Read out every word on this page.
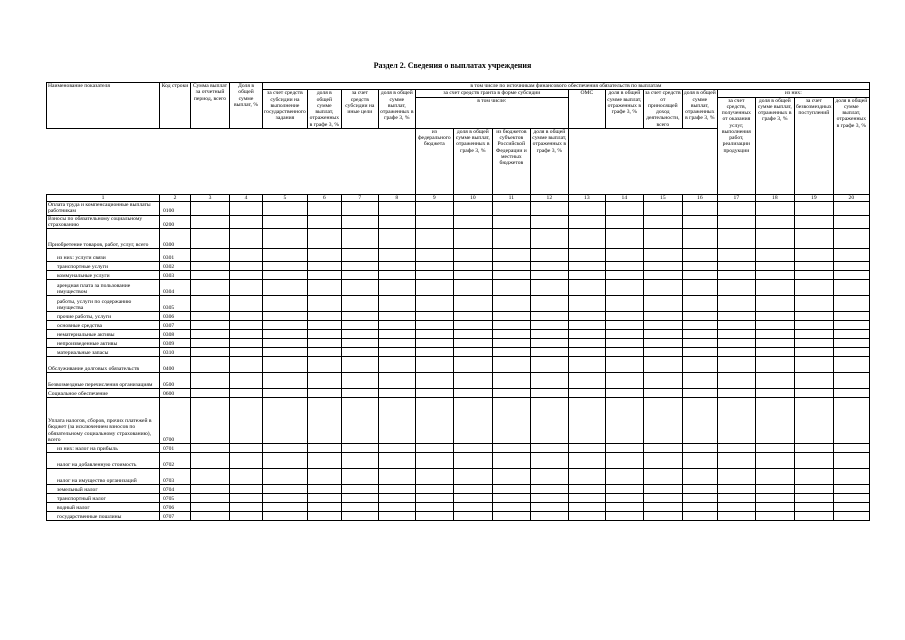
Раздел 2. Сведения о выплатах учреждения
Наименование показателя	Код строки	Сумма выплат за отчетный период, всего	Доля в общей сумме выплат, %	в том числе по источникам финансового обеспечения обязательств по выплатам															
				за счет средств субсидии на выполнение государственного задания	доля в общей сумме выплат, отраженных в графе 3, %	за счет средств субсидии на иные цели	доля в общей сумме выплат, отраженных в графе 3, %	за счет средств гранта в форме субсидии				ОМС	доля в общей сумме выплат, отраженных в графе 3, %	за счет средств от приносящей доход деятельности, всего	доля в общей сумме выплат, отраженных в графе 3, %	из них:			
								в том числе:								за счет средств, полученных от оказания услуг, выполнения работ, реализации продукции	доля в общей сумме выплат, отраженных в графе 3, %	за счет безвозмездных поступлений	доля в общей сумме выплат, отраженных в графе 3, %
								из федерального бюджета	доля в общей сумме выплат, отраженных в графе 3, %	из бюджетов субъектов Российской Федерации и местных бюджетов	доля в общей сумме выплат, отраженных в графе 3, %								
1	2	3	4	5	6	7	8	9	10	11	12	13	14	15	16	17	18	19	20
Оплата труда и компенсационные выплаты работникам	0100																		
Взносы по обязательному социальному страхованию	0200																		
Приобретение товаров, работ, услуг, всего	0300																		
из них: услуги связи	0301																		
транспортные услуги	0302																		
коммунальные услуги	0303																		
арендная плата за пользование имуществом	0304																		
работы, услуги по содержанию имущества	0305																		
прочие работы, услуги	0306																		
основные средства	0307																		
нематериальные активы	0308																		
непроизведенные активы	0309																		
материальные запасы	0310																		
Обслуживание долговых обязательств	0400																		
Безвозмездные перечисления организациям	0500																		
Социальное обеспечение	0600																		
Уплата налогов, сборов, прочих платежей в бюджет (за исключением взносов по обязательному социальному страхованию), всего	0700																		
из них: налог на прибыль	0701																		
налог на добавленную стоимость	0702																		
налог на имущество организаций	0703																		
земельный налог	0704																		
транспортный налог	0705																		
водный налог	0706																		
государственные пошлины	0707																		
